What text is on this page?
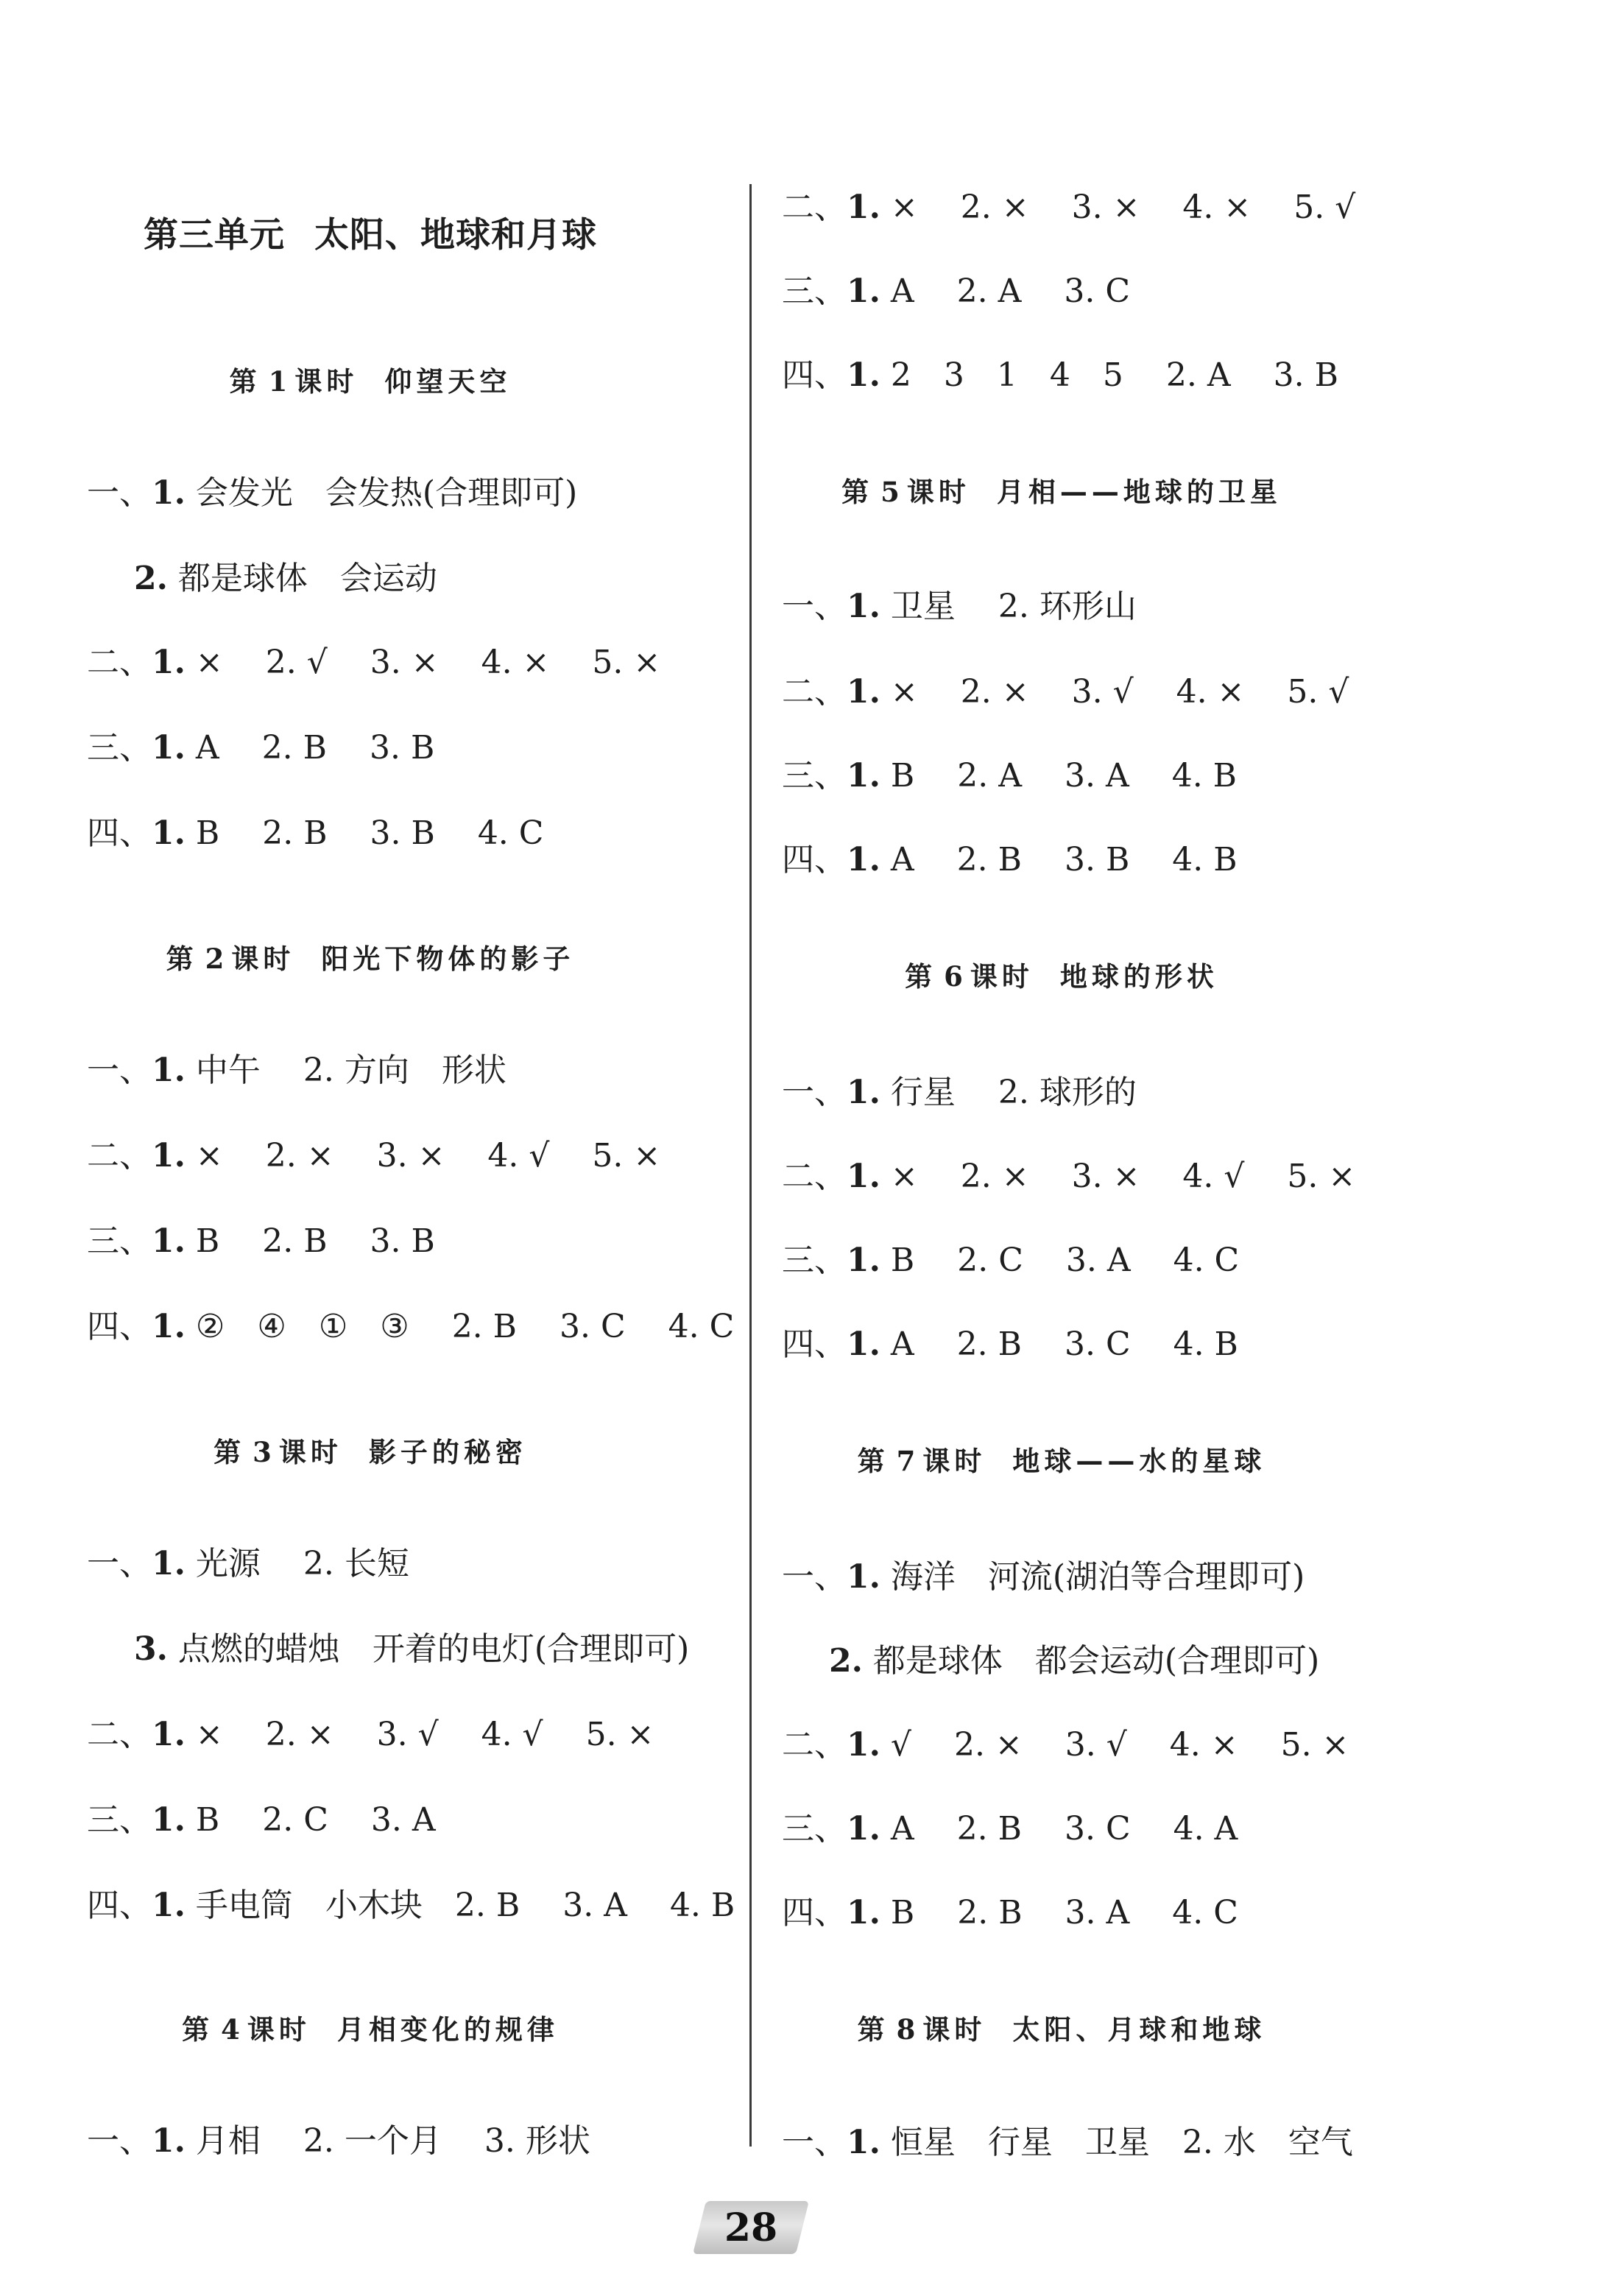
第三单元 太阳、地球和月球
第 1 课时 仰望天空
一、1. 会发光　会发热(合理即可)
2. 都是球体　会运动
二、1. ×　 2. √　 3. ×　 4. ×　 5. ×
三、1. A　 2. B　 3. B
四、1. B　 2. B　 3. B　 4. C
第 2 课时 阳光下物体的影子
一、1. 中午　 2. 方向　形状
二、1. ×　 2. ×　 3. ×　 4. √　 5. ×
三、1. B　 2. B　 3. B
四、1. ②　④　①　③　 2. B　 3. C　 4. C
第 3 课时 影子的秘密
一、1. 光源　 2. 长短
3. 点燃的蜡烛　开着的电灯(合理即可)
二、1. ×　 2. ×　 3. √　 4. √　 5. ×
三、1. B　 2. C　 3. A
四、1. 手电筒　小木块　2. B　 3. A　 4. B
第 4 课时 月相变化的规律
一、1. 月相　 2. 一个月　 3. 形状
二、1. ×　 2. ×　 3. ×　 4. ×　 5. √
三、1. A　 2. A　 3. C
四、1. 2　3　1　4　5　 2. A　 3. B
第 5 课时 月相——地球的卫星
一、1. 卫星　 2. 环形山
二、1. ×　 2. ×　 3. √　 4. ×　 5. √
三、1. B　 2. A　 3. A　 4. B
四、1. A　 2. B　 3. B　 4. B
第 6 课时 地球的形状
一、1. 行星　 2. 球形的
二、1. ×　 2. ×　 3. ×　 4. √　 5. ×
三、1. B　 2. C　 3. A　 4. C
四、1. A　 2. B　 3. C　 4. B
第 7 课时 地球——水的星球
一、1. 海洋　河流(湖泊等合理即可)
2. 都是球体　都会运动(合理即可)
二、1. √　 2. ×　 3. √　 4. ×　 5. ×
三、1. A　 2. B　 3. C　 4. A
四、1. B　 2. B　 3. A　 4. C
第 8 课时 太阳、月球和地球
一、1. 恒星　行星　卫星　2. 水　空气
28
